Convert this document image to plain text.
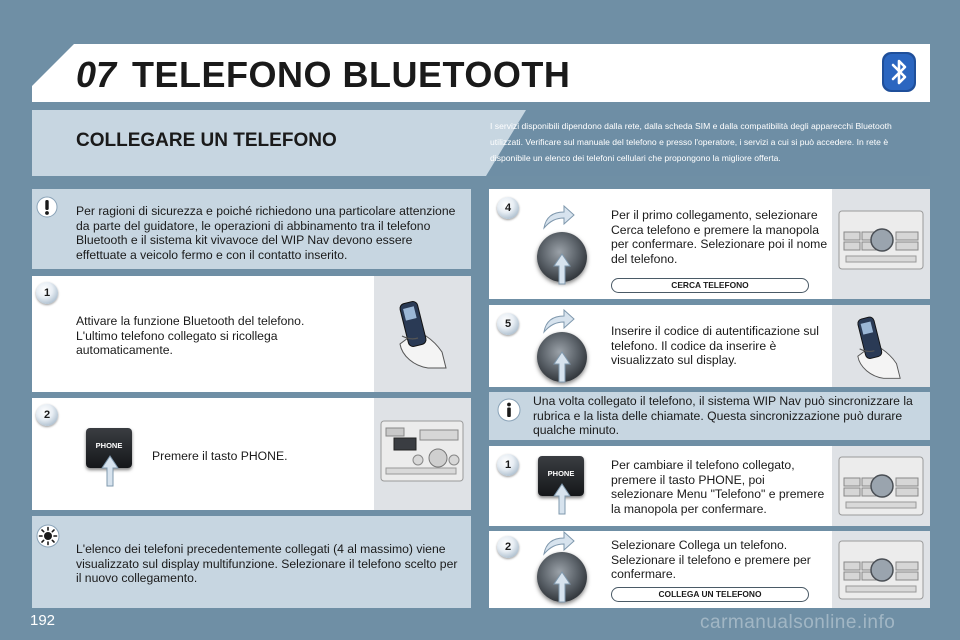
07 TELEFONO BLUETOOTH
COLLEGARE UN TELEFONO
I servizi disponibili dipendono dalla rete, dalla scheda SIM e dalla compatibilità degli apparecchi Bluetooth utilizzati. Verificare sul manuale del telefono e presso l'operatore, i servizi a cui si può accedere. In rete è disponibile un elenco dei telefoni cellulari che propongono la migliore offerta.
Per ragioni di sicurezza e poiché richiedono una particolare attenzione da parte del guidatore, le operazioni di abbinamento tra il telefono Bluetooth e il sistema kit vivavoce del WIP Nav devono essere effettuate a veicolo fermo e con il contatto inserito.
1
Attivare la funzione Bluetooth del telefono. L'ultimo telefono collegato si ricollega automaticamente.
2
PHONE
Premere il tasto PHONE.
L'elenco dei telefoni precedentemente collegati (4 al massimo) viene visualizzato sul display multifunzione. Selezionare il telefono scelto per il nuovo collegamento.
4	Per il primo collegamento, selezionare Cerca telefono e premere la manopola per confermare. Selezionare poi il nome del telefono.
CERCA TELEFONO
5	Inserire il codice di autentificazione sul telefono. Il codice da inserire è visualizzato sul display.
Una volta collegato il telefono, il sistema WIP Nav può sincronizzare la rubrica e la lista delle chiamate. Questa sincronizzazione può durare qualche minuto.
1
PHONE
Per cambiare il telefono collegato, premere il tasto PHONE, poi selezionare Menu "Telefono" e premere la manopola per confermare.
2	Selezionare Collega un telefono. Selezionare il telefono e premere per confermare.
COLLEGA UN TELEFONO
192	carmanualsonline.info
